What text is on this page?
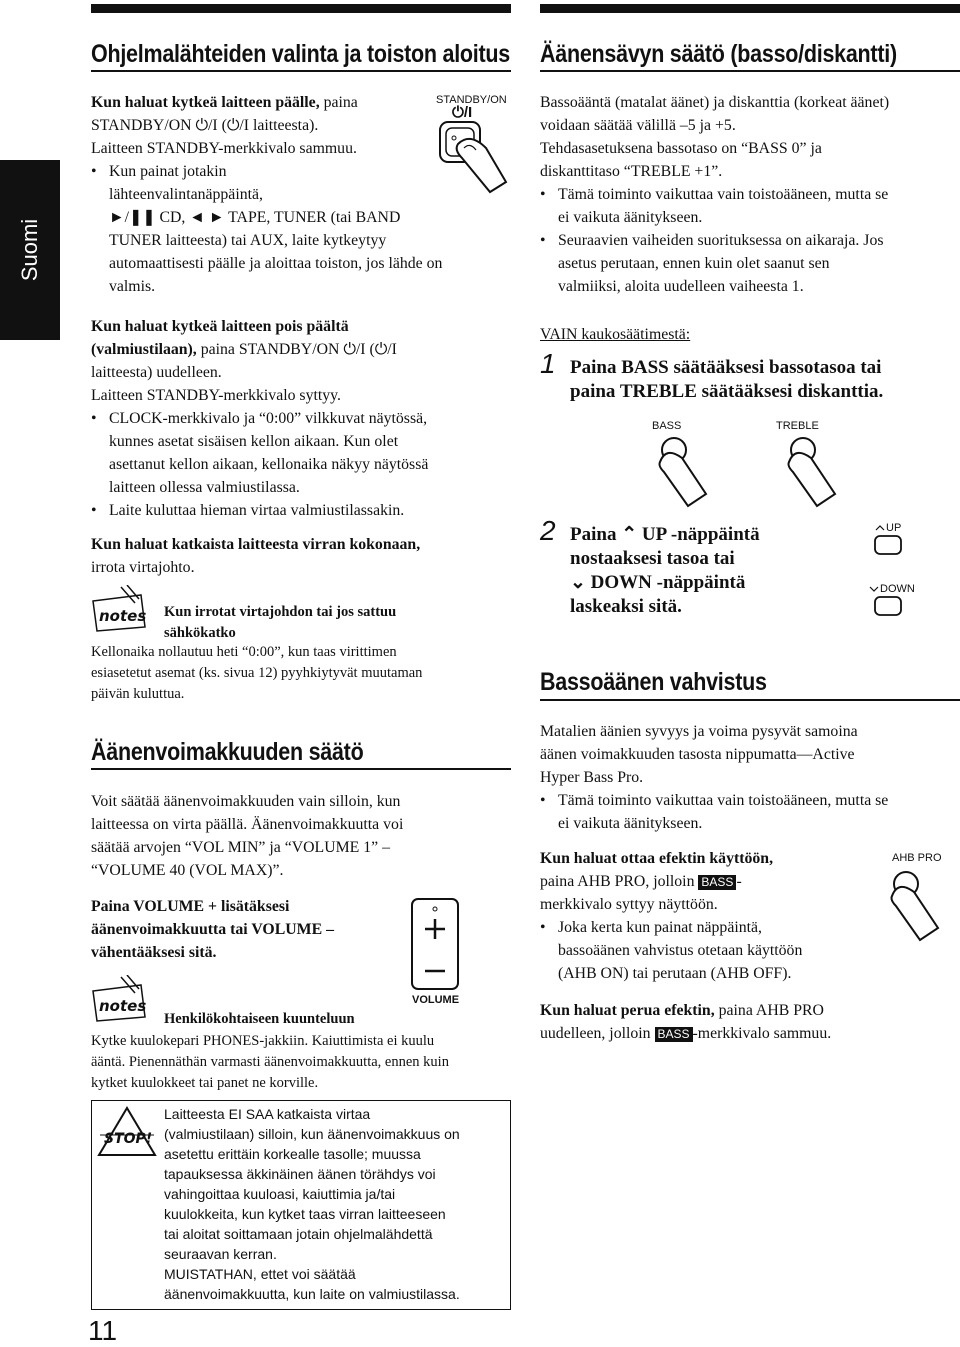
Suomi
Ohjelmalähteiden valinta ja toiston aloitus
Kun haluat kytkeä laitteen päälle, paina
STANDBY/ON ⏻/I (⏻/I laitteesta).
Laitteen STANDBY-merkkivalo sammuu.
• Kun painat jotakin
lähteenvalintanäppäintä,
►/❚❚ CD, ◄ ► TAPE, TUNER (tai BAND
TUNER laitteesta) tai AUX, laite kytkeytyy
automaattisesti päälle ja aloittaa toiston, jos lähde on
valmis.
STANDBY/ON
⏻/I
Kun haluat kytkeä laitteen pois päältä
(valmiustilaan), paina STANDBY/ON ⏻/I (⏻/I
laitteesta) uudelleen.
Laitteen STANDBY-merkkivalo syttyy.
• CLOCK-merkkivalo ja “0:00” vilkkuvat näytössä,
kunnes asetat sisäisen kellon aikaan. Kun olet
asettanut kellon aikaan, kellonaika näkyy näytössä
laitteen ollessa valmiustilassa.
• Laite kuluttaa hieman virtaa valmiustilassakin.
Kun haluat katkaista laitteesta virran kokonaan,
irrota virtajohto.
notes Kun irrotat virtajohdon tai jos sattuu
sähkökatko
Kellonaika nollautuu heti “0:00”, kun taas virittimen
esiasetetut asemat (ks. sivua 12) pyyhkiytyvät muutaman
päivän kuluttua.
Äänenvoimakkuuden säätö
Voit säätää äänenvoimakkuuden vain silloin, kun
laitteessa on virta päällä. Äänenvoimakkuutta voi
säätää arvojen “VOL MIN” ja “VOLUME 1” –
“VOLUME 40 (VOL MAX)”.
Paina VOLUME + lisätäksesi
äänenvoimakkuutta tai VOLUME –
vähentääksesi sitä.
VOLUME
notes
Henkilökohtaiseen kuunteluun
Kytke kuulokepari PHONES-jakkiin. Kaiuttimista ei kuulu
ääntä. Pienennäthän varmasti äänenvoimakkuutta, ennen kuin
kytket kuulokkeet tai panet ne korville.
STOP!
Laitteesta EI SAA katkaista virtaa
(valmiustilaan) silloin, kun äänenvoimakkuus on
asetettu erittäin korkealle tasolle; muussa
tapauksessa äkkinäinen äänen törähdys voi
vahingoittaa kuuloasi, kaiuttimia ja/tai
kuulokkeita, kun kytket taas virran laitteeseen
tai aloitat soittamaan jotain ohjelmalähdettä
seuraavan kerran.
MUISTATHAN, ettet voi säätää
äänenvoimakkuutta, kun laite on valmiustilassa.
11
Äänensävyn säätö (basso/diskantti)
Bassoääntä (matalat äänet) ja diskanttia (korkeat äänet)
voidaan säätää välillä –5 ja +5.
Tehdasasetuksena bassotaso on “BASS 0” ja
diskanttitaso “TREBLE +1”.
• Tämä toiminto vaikuttaa vain toistoääneen, mutta se
ei vaikuta äänitykseen.
• Seuraavien vaiheiden suorituksessa on aikaraja. Jos
asetus perutaan, ennen kuin olet saanut sen
valmiiksi, aloita uudelleen vaiheesta 1.
VAIN kaukosäätimestä:
1 Paina BASS säätääksesi bassotasoa tai
paina TREBLE säätääksesi diskanttia.
BASS	TREBLE
2 Paina ⌃ UP -näppäintä
nostaaksesi tasoa tai
⌄ DOWN -näppäintä
laskeaksi sitä.
UP
DOWN
Bassoäänen vahvistus
Matalien äänien syvyys ja voima pysyvät samoina
äänen voimakkuuden tasosta nippumatta—Active
Hyper Bass Pro.
• Tämä toiminto vaikuttaa vain toistoääneen, mutta se
ei vaikuta äänitykseen.
Kun haluat ottaa efektin käyttöön,
paina AHB PRO, jolloin BASS -
merkkivalo syttyy näyttöön.
• Joka kerta kun painat näppäintä,
bassoäänen vahvistus otetaan käyttöön
(AHB ON) tai perutaan (AHB OFF).
AHB PRO
Kun haluat perua efektin, paina AHB PRO
uudelleen, jolloin BASS -merkkivalo sammuu.
